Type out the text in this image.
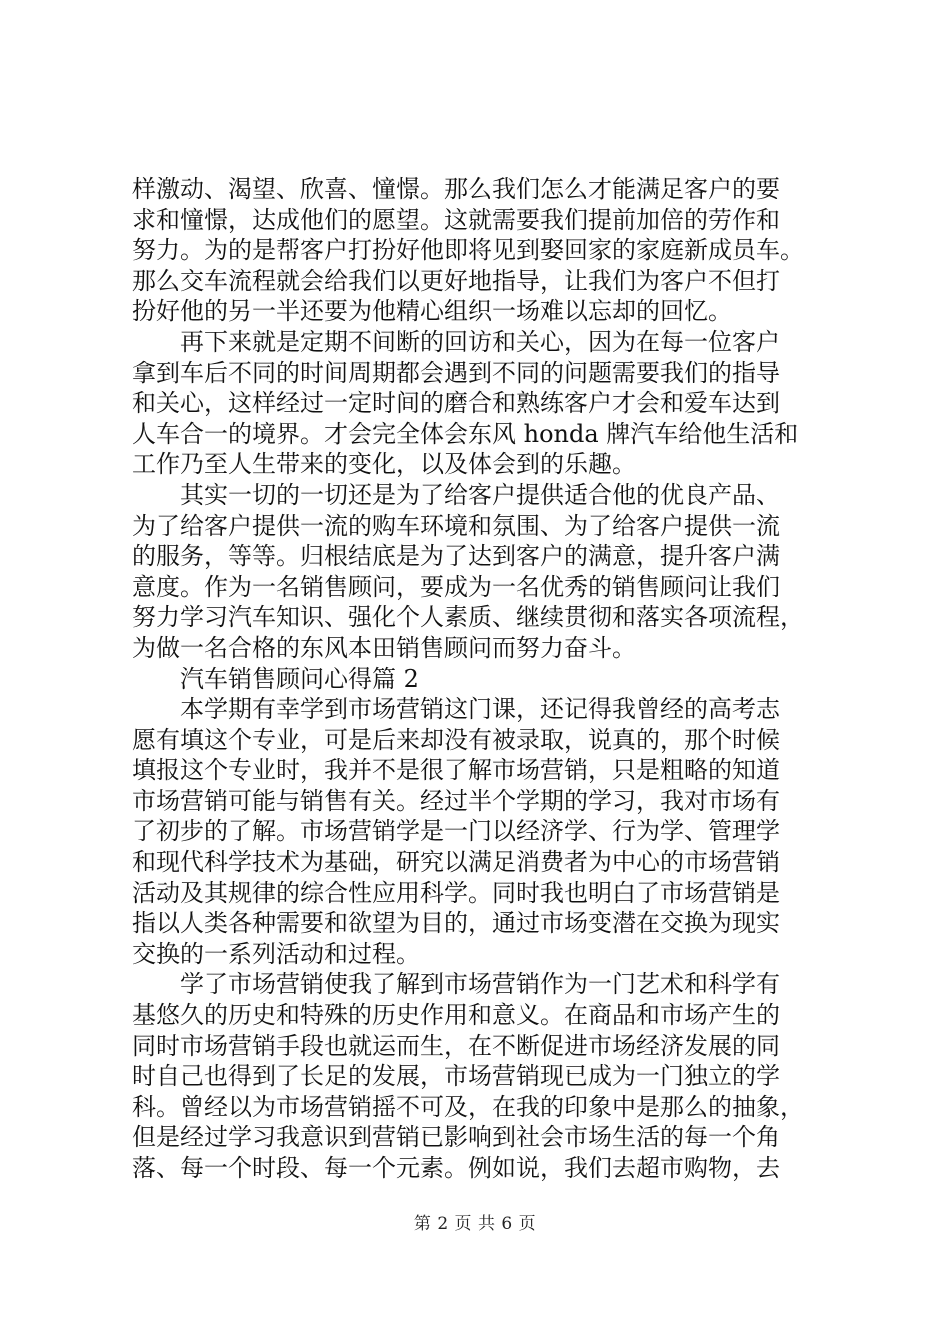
样激动、渴望、欣喜、憧憬。那么我们怎么才能满足客户的要
求和憧憬，达成他们的愿望。这就需要我们提前加倍的劳作和
努力。为的是帮客户打扮好他即将见到娶回家的家庭新成员车。
那么交车流程就会给我们以更好地指导，让我们为客户不但打
扮好他的另一半还要为他精心组织一场难以忘却的回忆。
　　再下来就是定期不间断的回访和关心，因为在每一位客户
拿到车后不同的时间周期都会遇到不同的问题需要我们的指导
和关心，这样经过一定时间的磨合和熟练客户才会和爱车达到
人车合一的境界。才会完全体会东风 honda 牌汽车给他生活和
工作乃至人生带来的变化，以及体会到的乐趣。
　　其实一切的一切还是为了给客户提供适合他的优良产品、
为了给客户提供一流的购车环境和氛围、为了给客户提供一流
的服务，等等。归根结底是为了达到客户的满意，提升客户满
意度。作为一名销售顾问，要成为一名优秀的销售顾问让我们
努力学习汽车知识、强化个人素质、继续贯彻和落实各项流程，
为做一名合格的东风本田销售顾问而努力奋斗。
　　汽车销售顾问心得篇 2
　　本学期有幸学到市场营销这门课，还记得我曾经的高考志
愿有填这个专业，可是后来却没有被录取，说真的，那个时候
填报这个专业时，我并不是很了解市场营销，只是粗略的知道
市场营销可能与销售有关。经过半个学期的学习，我对市场有
了初步的了解。市场营销学是一门以经济学、行为学、管理学
和现代科学技术为基础，研究以满足消费者为中心的市场营销
活动及其规律的综合性应用科学。同时我也明白了市场营销是
指以人类各种需要和欲望为目的，通过市场变潜在交换为现实
交换的一系列活动和过程。
　　学了市场营销使我了解到市场营销作为一门艺术和科学有
基悠久的历史和特殊的历史作用和意义。在商品和市场产生的
同时市场营销手段也就运而生，在不断促进市场经济发展的同
时自己也得到了长足的发展，市场营销现已成为一门独立的学
科。曾经以为市场营销摇不可及，在我的印象中是那么的抽象，
但是经过学习我意识到营销已影响到社会市场生活的每一个角
落、每一个时段、每一个元素。例如说，我们去超市购物，去
第 2 页 共 6 页
